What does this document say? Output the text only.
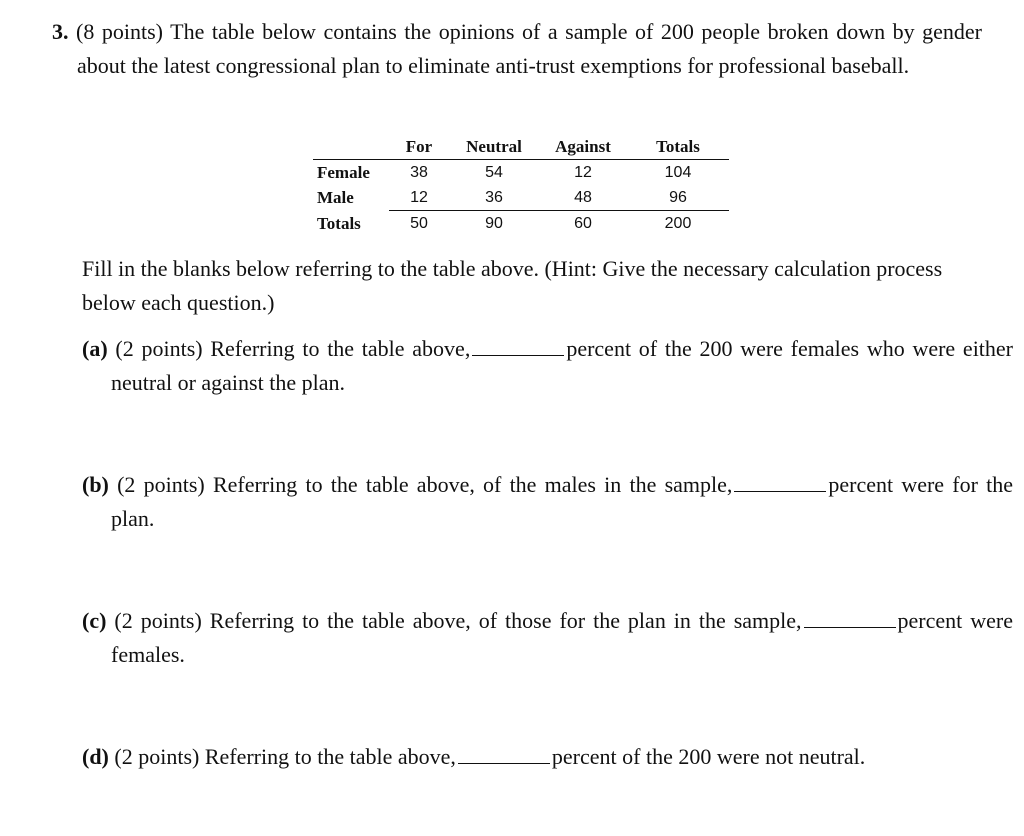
3. (8 points) The table below contains the opinions of a sample of 200 people broken down by gender about the latest congressional plan to eliminate anti-trust exemptions for professional baseball.
	For	Neutral	Against	Totals
Female	38	54	12	104
Male	12	36	48	96
Totals	50	90	60	200
Fill in the blanks below referring to the table above. (Hint: Give the necessary calculation process below each question.)
(a) (2 points) Referring to the table above,	percent of the 200 were females who were either neutral or against the plan.
(b) (2 points) Referring to the table above, of the males in the sample,	percent were for the plan.
(c) (2 points) Referring to the table above, of those for the plan in the sample,	percent were females.
(d) (2 points) Referring to the table above,	percent of the 200 were not neutral.
